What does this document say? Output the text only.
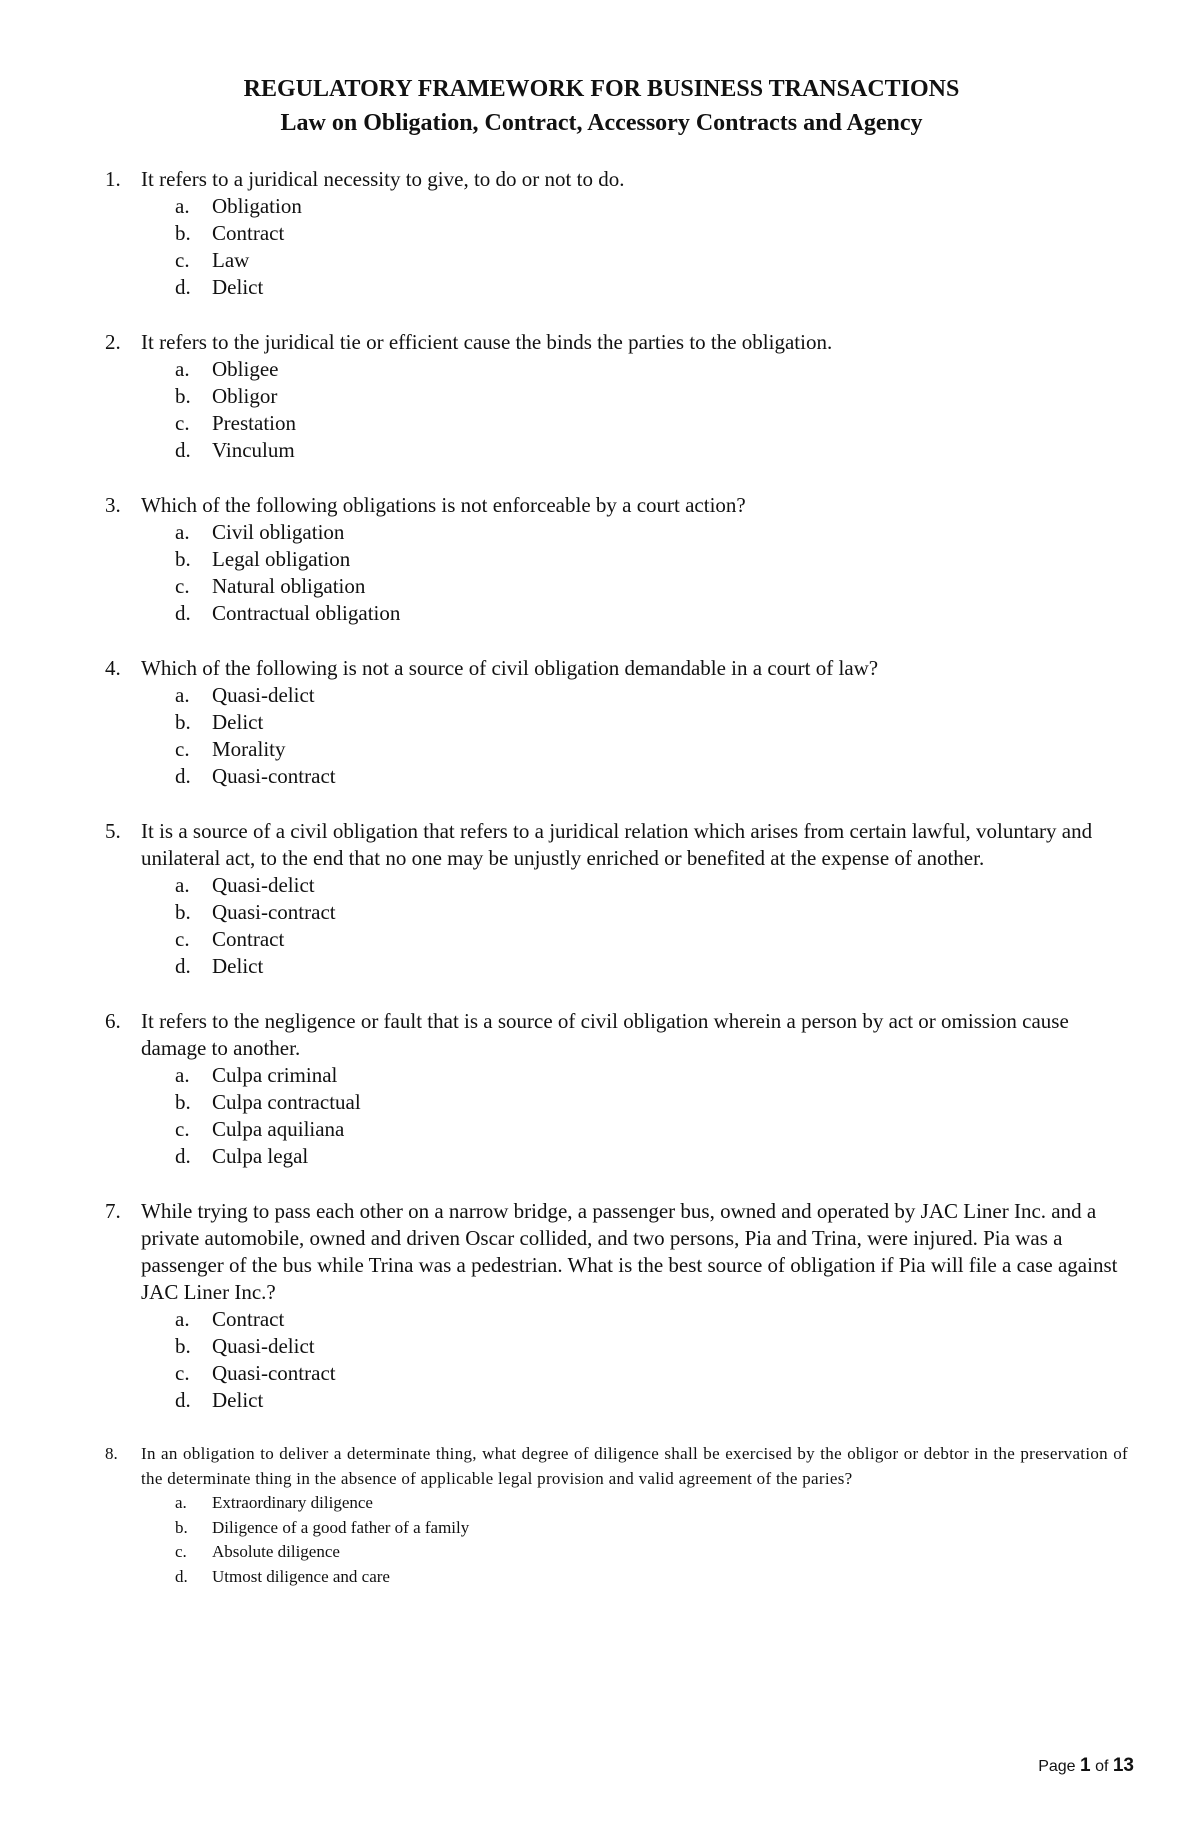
REGULATORY FRAMEWORK FOR BUSINESS TRANSACTIONS

Law on Obligation, Contract, Accessory Contracts and Agency

1. It refers to a juridical necessity to give, to do or not to do.

a. Obligation
b. Contract
c. Law
d. Delict
2. It refers to the juridical tie or efficient cause the binds the parties to the obligation.

a. Obligee
b. Obligor
c. Prestation
d. Vinculum
3. Which of the following obligations is not enforceable by a court action?

a. Civil obligation
b. Legal obligation
c. Natural obligation
d. Contractual obligation
4. Which of the following is not a source of civil obligation demandable in a court of law?

a. Quasi-delict
b. Delict
c. Morality
d. Quasi-contract
5. It is a source of a civil obligation that refers to a juridical relation which arises from certain lawful, voluntary and unilateral act, to the end that no one may be unjustly enriched or benefited at the expense of another.

a. Quasi-delict
b. Quasi-contract
c. Contract
d. Delict
6. It refers to the negligence or fault that is a source of civil obligation wherein a person by act or omission cause damage to another.

a. Culpa criminal
b. Culpa contractual
c. Culpa aquiliana
d. Culpa legal
7. While trying to pass each other on a narrow bridge, a passenger bus, owned and operated by JAC Liner Inc. and a private automobile, owned and driven Oscar collided, and two persons, Pia and Trina, were injured. Pia was a passenger of the bus while Trina was a pedestrian. What is the best source of obligation if Pia will file a case against JAC Liner Inc.?

a. Contract
b. Quasi-delict
c. Quasi-contract
d. Delict
8. In an obligation to deliver a determinate thing, what degree of diligence shall be exercised by the obligor or debtor in the preservation of the determinate thing in the absence of applicable legal provision and valid agreement of the paries?

a. Extraordinary diligence
b. Diligence of a good father of a family
c. Absolute diligence
d. Utmost diligence and care
Page 1 of 13
